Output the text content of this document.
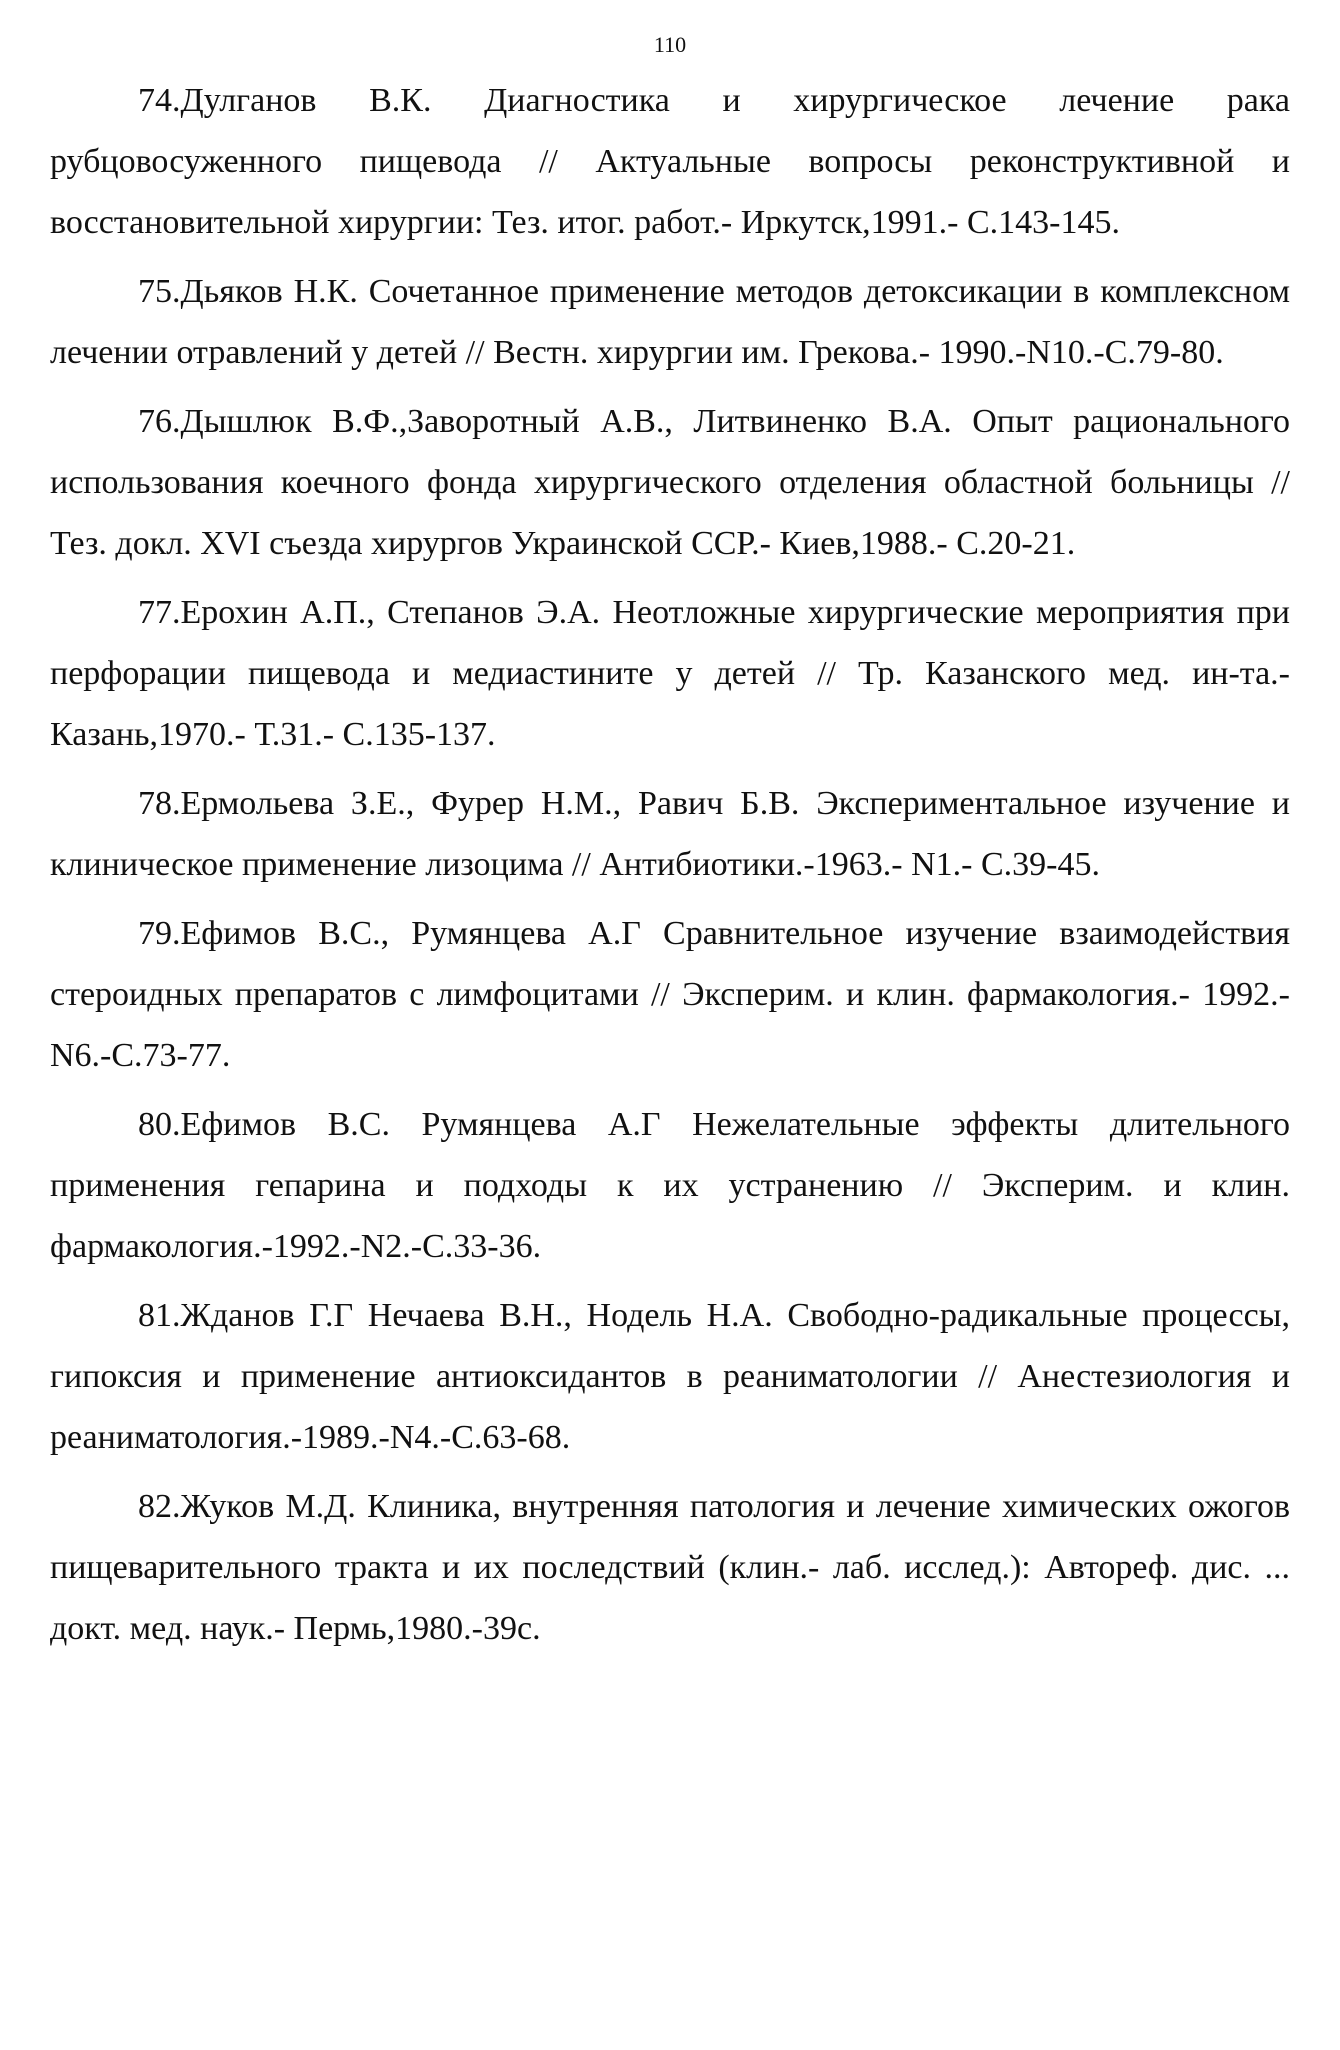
110
74.Дулганов В.К. Диагностика и хирургическое лечение рака рубцовосуженного пищевода // Актуальные вопросы реконструктивной и восстановительной хирургии: Тез. итог. работ.- Иркутск,1991.- С.143-145.
75.Дьяков Н.К. Сочетанное применение методов детоксикации в комплексном лечении отравлений у детей // Вестн. хирургии им. Грекова.- 1990.-N10.-С.79-80.
76.Дышлюк В.Ф.,Заворотный А.В., Литвиненко В.А. Опыт рационального использования коечного фонда хирургического отделения областной больницы // Тез. докл. XVI съезда хирургов Украинской ССР.- Киев,1988.- С.20-21.
77.Ерохин А.П., Степанов Э.А. Неотложные хирургические мероприятия при перфорации пищевода и медиастините у детей // Тр. Казанского мед. ин-та.- Казань,1970.- Т.31.- С.135-137.
78.Ермольева З.Е., Фурер Н.М., Равич Б.В. Экспериментальное изучение и клиническое применение лизоцима // Антибиотики.-1963.- N1.- С.39-45.
79.Ефимов В.С., Румянцева А.Г Сравнительное изучение взаимодействия стероидных препаратов с лимфоцитами // Эксперим. и клин. фармакология.- 1992.-N6.-С.73-77.
80.Ефимов В.С. Румянцева А.Г Нежелательные эффекты длительного применения гепарина и подходы к их устранению // Эксперим. и клин. фармакология.-1992.-N2.-С.33-36.
81.Жданов Г.Г Нечаева В.Н., Нодель Н.А. Свободно-радикальные процессы, гипоксия и применение антиоксидантов в реаниматологии // Анестезиология и реаниматология.-1989.-N4.-С.63-68.
82.Жуков М.Д. Клиника, внутренняя патология и лечение химических ожогов пищеварительного тракта и их последствий (клин.- лаб. исслед.): Автореф. дис. ... докт. мед. наук.- Пермь,1980.-39с.
